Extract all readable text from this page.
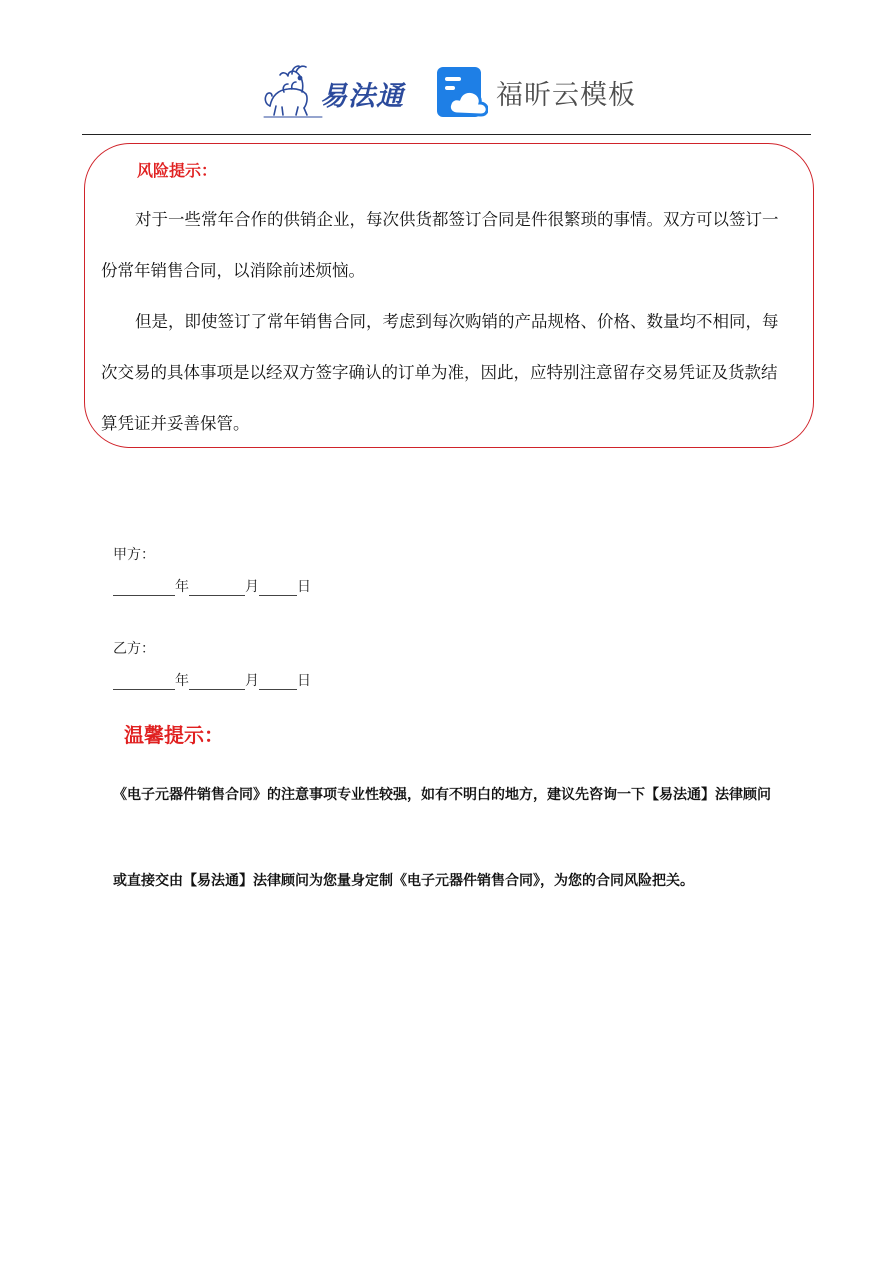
易法通	福昕云模板
风险提示：

对于一些常年合作的供销企业，每次供货都签订合同是件很繁琐的事情。双方可以签订一份常年销售合同，以消除前述烦恼。

但是，即使签订了常年销售合同，考虑到每次购销的产品规格、价格、数量均不相同，每次交易的具体事项是以经双方签字确认的订单为准，因此，应特别注意留存交易凭证及货款结算凭证并妥善保管。

甲方：
年	月	日
乙方：
年	月	日
温馨提示：
《电子元器件销售合同》的注意事项专业性较强，如有不明白的地方，建议先咨询一下【易法通】法律顾问
或直接交由【易法通】法律顾问为您量身定制《电子元器件销售合同》，为您的合同风险把关。
